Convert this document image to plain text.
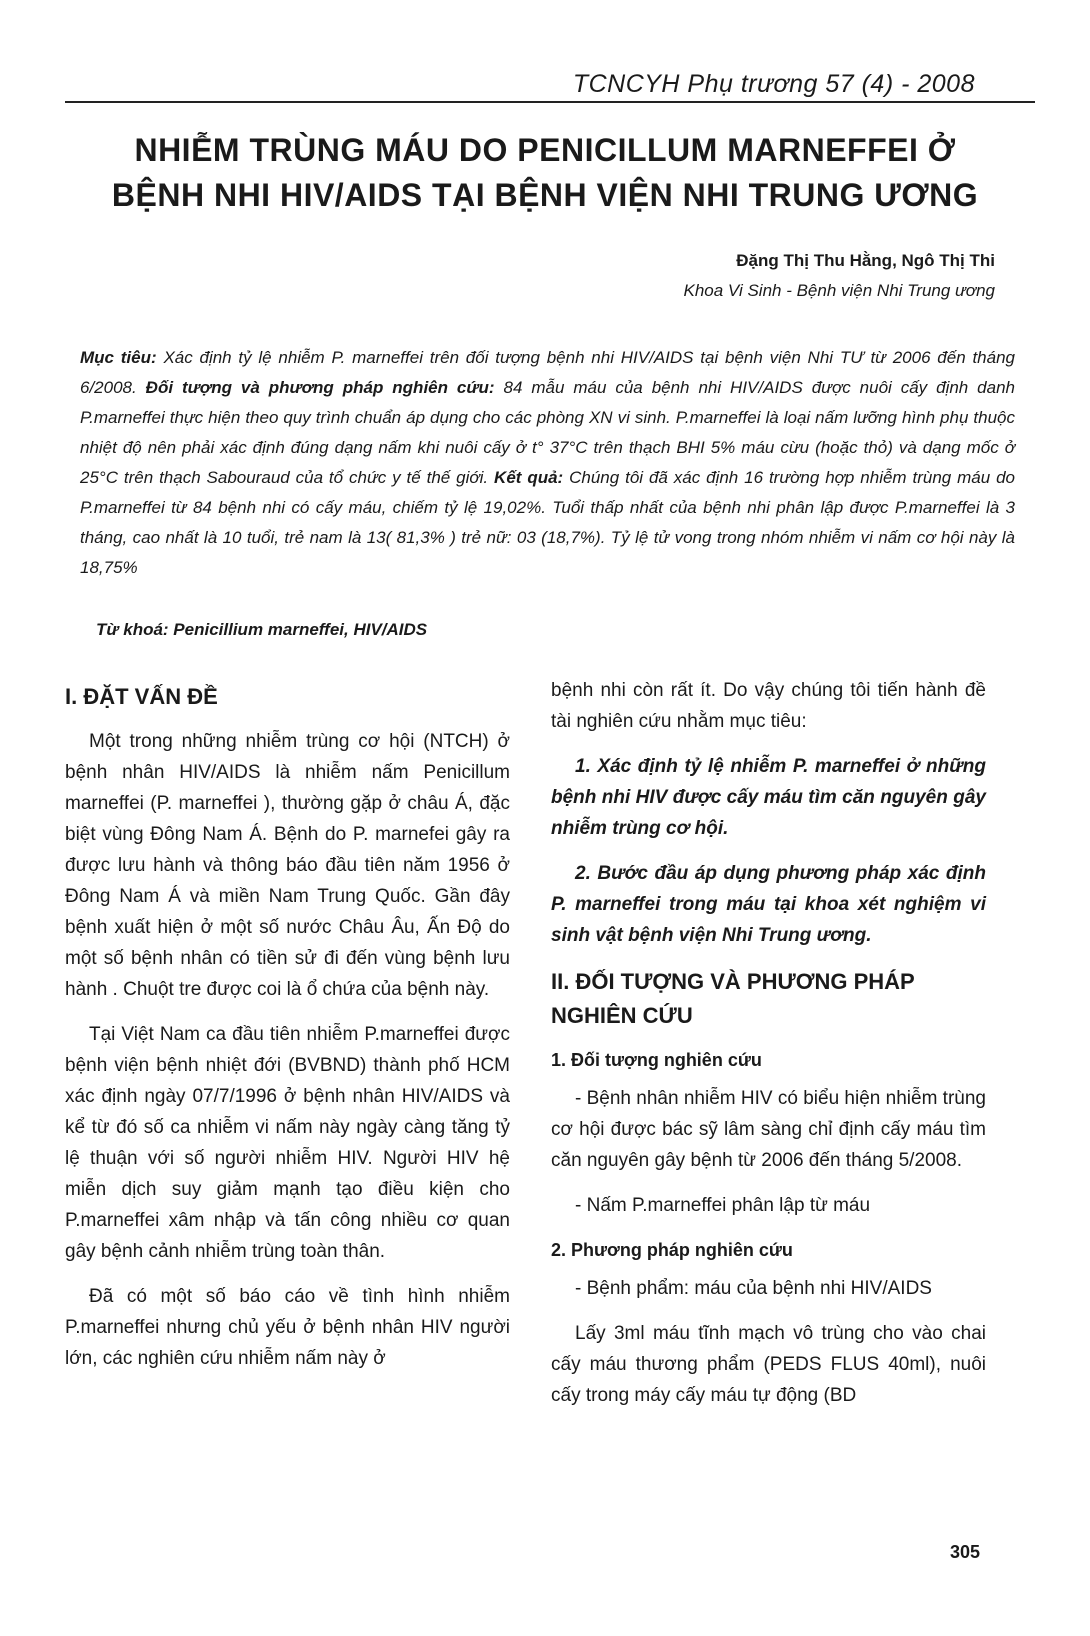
TCNCYH Phụ trương 57 (4) - 2008
NHIỄM TRÙNG MÁU DO PENICILLUM MARNEFFEI Ở
BỆNH NHI HIV/AIDS TẠI BỆNH VIỆN NHI TRUNG ƯƠNG
Đặng Thị Thu Hằng, Ngô Thị Thi
Khoa Vi Sinh - Bệnh viện Nhi Trung ương
Mục tiêu: Xác định tỷ lệ nhiễm P. marneffei trên đối tượng bệnh nhi HIV/AIDS tại bệnh viện Nhi TƯ từ 2006 đến tháng 6/2008. Đối tượng và phương pháp nghiên cứu: 84 mẫu máu của bệnh nhi HIV/AIDS được nuôi cấy định danh P.marneffei thực hiện theo quy trình chuẩn áp dụng cho các phòng XN vi sinh. P.marneffei là loại nấm lưỡng hình phụ thuộc nhiệt độ nên phải xác định đúng dạng nấm khi nuôi cấy ở t° 37°C trên thạch BHI 5% máu cừu (hoặc thỏ) và dạng mốc ở 25°C trên thạch Sabouraud của tổ chức y tế thế giới. Kết quả: Chúng tôi đã xác định 16 trường hợp nhiễm trùng máu do P.marneffei từ 84 bệnh nhi có cấy máu, chiếm tỷ lệ 19,02%. Tuổi thấp nhất của bệnh nhi phân lập được P.marneffei là 3 tháng, cao nhất là 10 tuổi, trẻ nam là 13( 81,3% ) trẻ nữ: 03 (18,7%). Tỷ lệ tử vong trong nhóm nhiễm vi nấm cơ hội này là 18,75%
Từ khoá: Penicillium marneffei, HIV/AIDS
I. ĐẶT VẤN ĐỀ

Một trong những nhiễm trùng cơ hội (NTCH) ở bệnh nhân HIV/AIDS là nhiễm nấm Penicillum marneffei (P. marneffei ), thường gặp ở châu Á, đặc biệt vùng Đông Nam Á. Bệnh do P. marnefei gây ra được lưu hành và thông báo đầu tiên năm 1956 ở Đông Nam Á và miền Nam Trung Quốc. Gần đây bệnh xuất hiện ở một số nước Châu Âu, Ấn Độ do một số bệnh nhân có tiền sử đi đến vùng bệnh lưu hành . Chuột tre được coi là ổ chứa của bệnh này.

Tại Việt Nam ca đầu tiên nhiễm P.marneffei được bệnh viện bệnh nhiệt đới (BVBND) thành phố HCM xác định ngày 07/7/1996 ở bệnh nhân HIV/AIDS và kể từ đó số ca nhiễm vi nấm này ngày càng tăng tỷ lệ thuận với số người nhiễm HIV. Người HIV hệ miễn dịch suy giảm mạnh tạo điều kiện cho P.marneffei xâm nhập và tấn công nhiều cơ quan gây bệnh cảnh nhiễm trùng toàn thân.

Đã có một số báo cáo về tình hình nhiễm P.marneffei nhưng chủ yếu ở bệnh nhân HIV người lớn, các nghiên cứu nhiễm nấm này ở

bệnh nhi còn rất ít. Do vậy chúng tôi tiến hành đề tài nghiên cứu nhằm mục tiêu:

1. Xác định tỷ lệ nhiễm P. marneffei ở những bệnh nhi HIV được cấy máu tìm căn nguyên gây nhiễm trùng cơ hội.

2. Bước đầu áp dụng phương pháp xác định P. marneffei trong máu tại khoa xét nghiệm vi sinh vật bệnh viện Nhi Trung ương.

II. ĐỐI TƯỢNG VÀ PHƯƠNG PHÁP NGHIÊN CỨU
1. Đối tượng nghiên cứu

- Bệnh nhân nhiễm HIV có biểu hiện nhiễm trùng cơ hội được bác sỹ lâm sàng chỉ định cấy máu tìm căn nguyên gây bệnh từ 2006 đến tháng 5/2008.

- Nấm P.marneffei phân lập từ máu

2. Phương pháp nghiên cứu

- Bệnh phẩm: máu của bệnh nhi HIV/AIDS

Lấy 3ml máu tĩnh mạch vô trùng cho vào chai cấy máu thương phẩm (PEDS FLUS 40ml), nuôi cấy trong máy cấy máu tự động (BD

305
